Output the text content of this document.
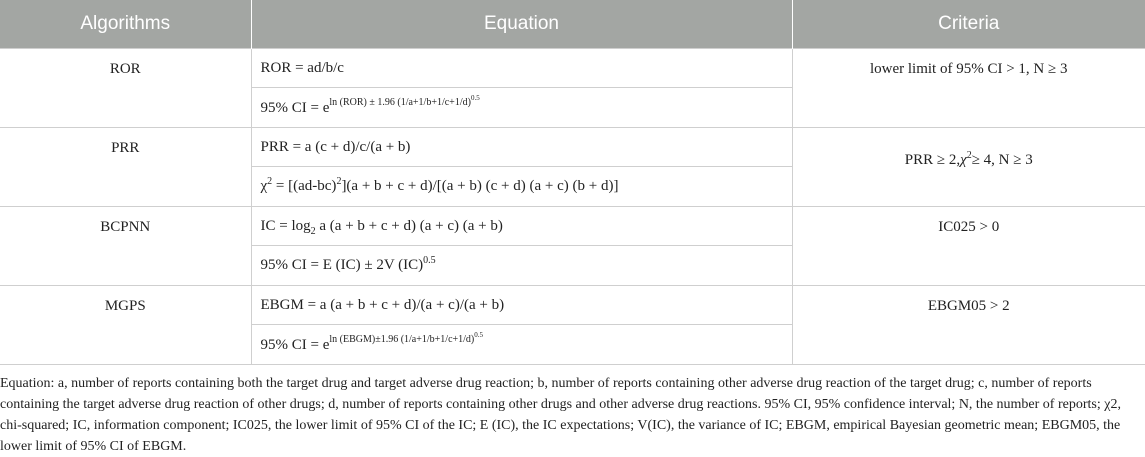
Algorithms	Equation	Criteria
ROR	ROR = ad/b/c	lower limit of 95% CI > 1, N ≥ 3
	95% CI = $e^{ln (ROR) \pm 1.96 (1/a+1/b+1/c+1/d)^{0.5}}$
PRR	PRR = a (c + d)/c/(a + b)	PRR ≥ $2,\chi^2\ge 4$, N ≥ 3
	$\chi^2 = [(ad-bc)^2](a + b + c + d)/[(a + b) (c + d) (a + c) (b + d)]$	
BCPNN	IC = $\log_2 a$ (a + b + c + d) (a + c) (a + b)	IC025 > 0
	95% CI = E (IC) ± 2V (IC)$^{0.5}$
MGPS	EBGM = a (a + b + c + d)/(a + c)/(a + b)	EBGM05 > 2
	95% CI = $e^{ln (EBGM)\pm 1.96 (1/a+1/b+1/c+1/d)^{0.5}}$
Equation: a, number of reports containing both the target drug and target adverse drug reaction; b, number of reports containing other adverse drug reaction of the target drug; c, number of reports containing the target adverse drug reaction of other drugs; d, number of reports containing other drugs and other adverse drug reactions. 95% CI, 95% confidence interval; N, the number of reports; χ2, chi-squared; IC, information component; IC025, the lower limit of 95% CI of the IC; E (IC), the IC expectations; V(IC), the variance of IC; EBGM, empirical Bayesian geometric mean; EBGM05, the lower limit of 95% CI of EBGM.
